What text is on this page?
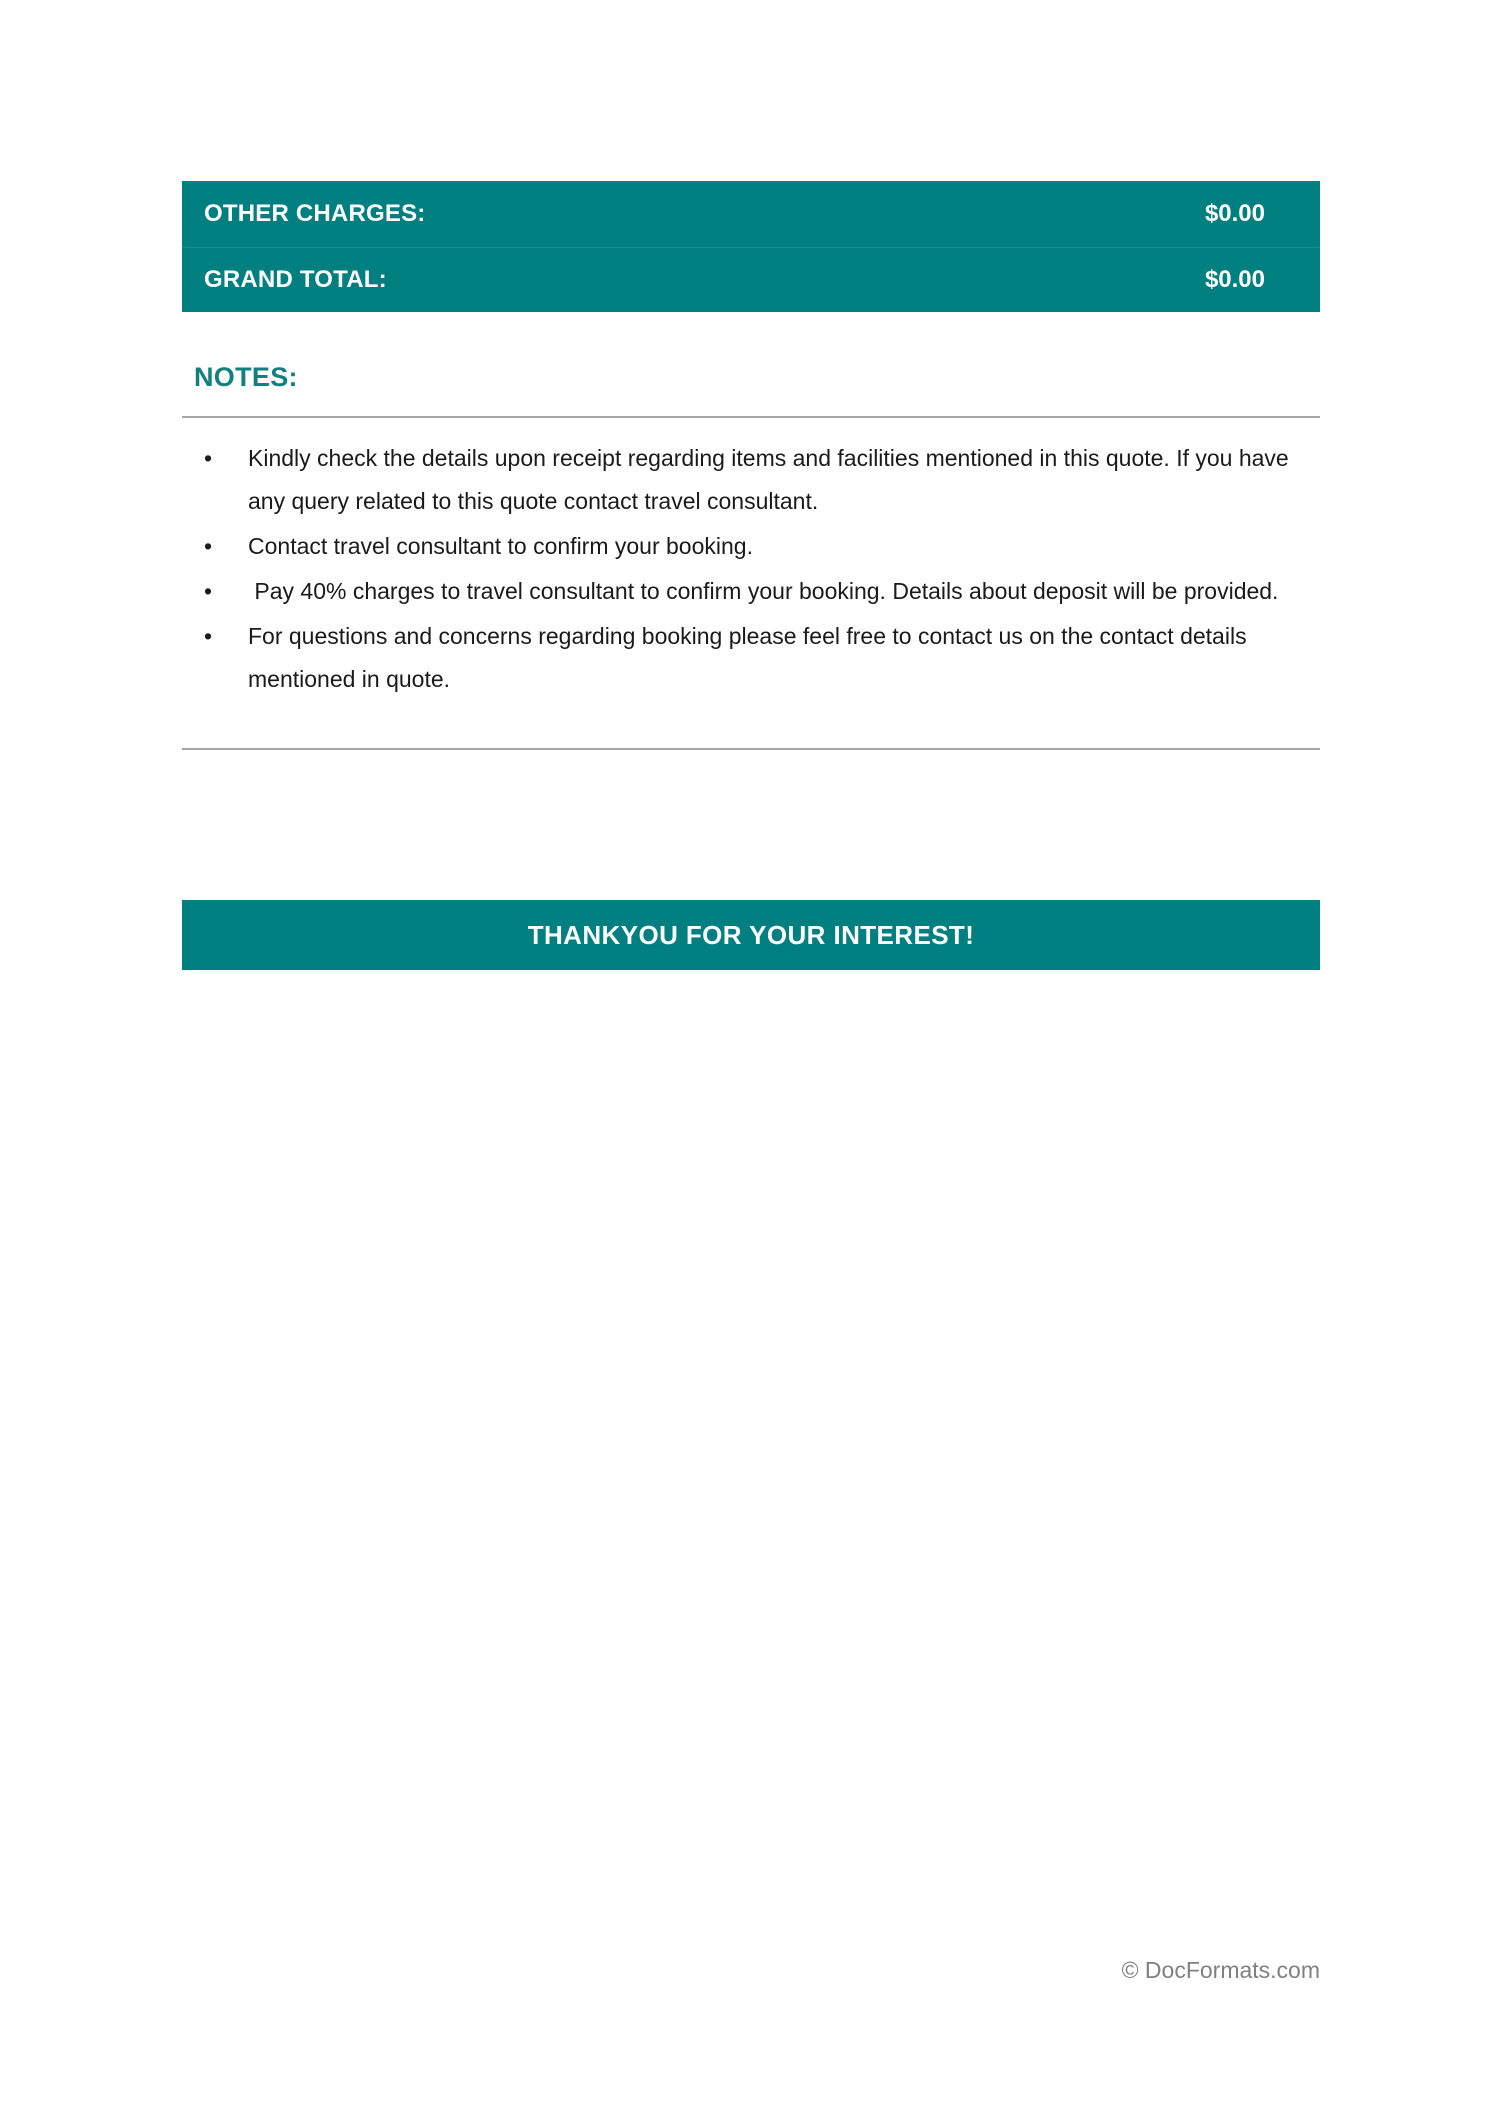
OTHER CHARGES:	$0.00
GRAND TOTAL:	$0.00
NOTES:
•	Kindly check the details upon receipt regarding items and facilities mentioned in this quote. If you have any query related to this quote contact travel consultant.
•	Contact travel consultant to confirm your booking.
•	Pay 40% charges to travel consultant to confirm your booking. Details about deposit will be provided.
•	For questions and concerns regarding booking please feel free to contact us on the contact details mentioned in quote.
THANKYOU FOR YOUR INTEREST!
© DocFormats.com
